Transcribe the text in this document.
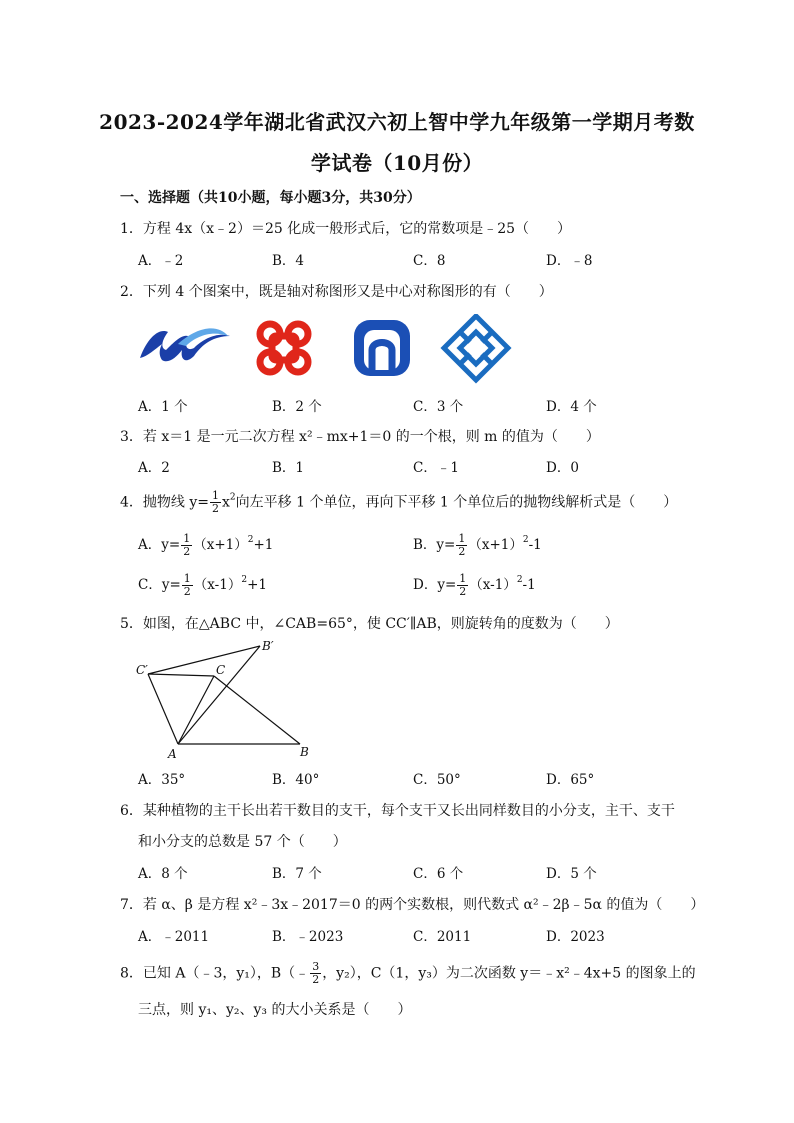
2023-2024学年湖北省武汉六初上智中学九年级第一学期月考数
学试卷（10月份）
一、选择题（共10小题，每小题3分，共30分）
1．方程 4x（x﹣2）＝25 化成一般形式后，它的常数项是﹣25（　　）
A．﹣2	B．4	C．8	D．﹣8
2．下列 4 个图案中，既是轴对称图形又是中心对称图形的有（　　）
A．1 个	B．2 个	C．3 个	D．4 个
3．若 x＝1 是一元二次方程 x²﹣mx+1＝0 的一个根，则 m 的值为（　　）
A．2	B．1	C．﹣1	D．0
4．抛物线 $y= \frac{1}{2} x^2$向左平移 1 个单位，再向下平移 1 个单位后的抛物线解析式是（　　）
A．$y= \frac{1}{2} (x+1)^2+1$	B．$y= \frac{1}{2} (x+1)^2-1$
C．$y= \frac{1}{2} (x-1)^2+1$	D．$y= \frac{1}{2} (x-1)^2-1$
5．如图，在△ABC 中，∠CAB=65°，使 CC′∥AB，则旋转角的度数为（　　）
C′	C
B′
A	B
A．35°	B．40°	C．50°	D．65°
6．某种植物的主干长出若干数目的支干，每个支干又长出同样数目的小分支，主干、支干
和小分支的总数是 57 个（　　）
A．8 个	B．7 个	C．6 个	D．5 个
7．若 α、β 是方程 x²﹣3x﹣2017＝0 的两个实数根，则代数式 α²﹣2β﹣5α 的值为（　　）
A．﹣2011	B．﹣2023	C．2011	D．2023
8．已知 A（﹣3，y₁），B（﹣ $\frac{3}{2}$ ，y₂），C（1，y₃）为二次函数 y＝﹣x²﹣4x+5 的图象上的
三点，则 y₁、y₂、y₃ 的大小关系是（　　）
